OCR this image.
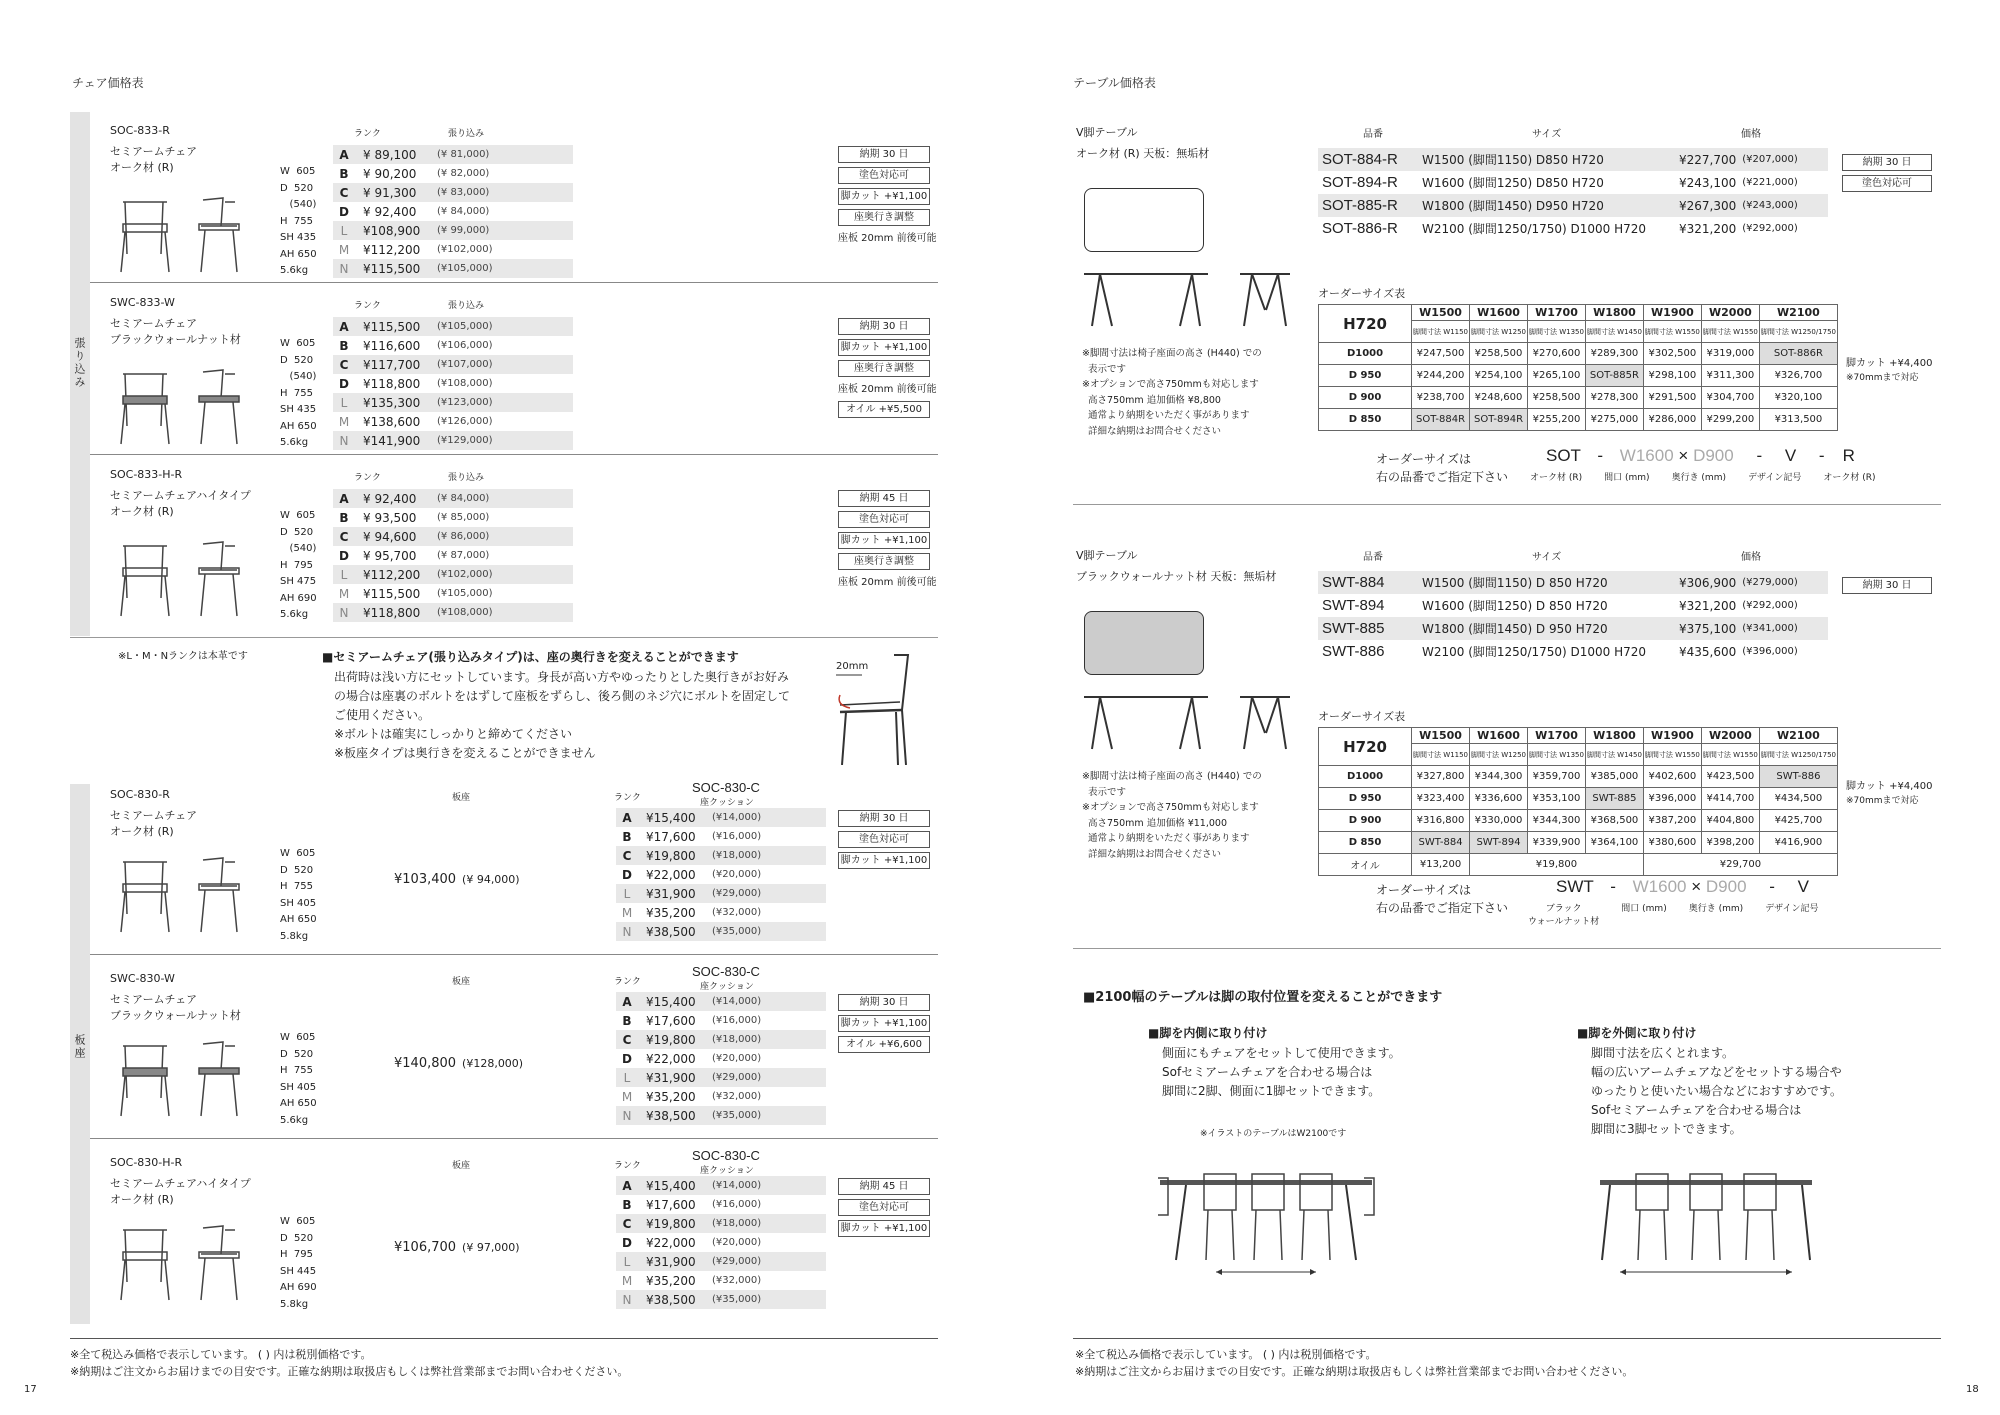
チェア価格表
張り込み
板座
SOC-833-R
セミアームチェア
オーク材 (R)	W  605
D  520
(540)
H  755
SH 435
AH 650
5.6kg
ランク	張り込み
A	¥ 89,100	(¥ 81,000)
B	¥ 90,200	(¥ 82,000)
C	¥ 91,300	(¥ 83,000)
D	¥ 92,400	(¥ 84,000)
L	¥108,900	(¥ 99,000)
M	¥112,200	(¥102,000)
N	¥115,500	(¥105,000)
納期 30 日
塗色対応可
脚カット +¥1,100
座奥行き調整
座板 20mm 前後可能
SWC-833-W
セミアームチェア
ブラックウォールナット材	W  605
D  520
(540)
H  755
SH 435
AH 650
5.6kg
ランク	張り込み
A	¥115,500	(¥105,000)
B	¥116,600	(¥106,000)
C	¥117,700	(¥107,000)
D	¥118,800	(¥108,000)
L	¥135,300	(¥123,000)
M	¥138,600	(¥126,000)
N	¥141,900	(¥129,000)
納期 30 日
脚カット +¥1,100
座奥行き調整
座板 20mm 前後可能
オイル +¥5,500
SOC-833-H-R
セミアームチェアハイタイプ
オーク材 (R)	W  605
D  520
(540)
H  795
SH 475
AH 690
5.6kg
ランク	張り込み
A	¥ 92,400	(¥ 84,000)
B	¥ 93,500	(¥ 85,000)
C	¥ 94,600	(¥ 86,000)
D	¥ 95,700	(¥ 87,000)
L	¥112,200	(¥102,000)
M	¥115,500	(¥105,000)
N	¥118,800	(¥108,000)
納期 45 日
塗色対応可
脚カット +¥1,100
座奥行き調整
座板 20mm 前後可能
※L・M・Nランクは本革です	■セミアームチェア(張り込みタイプ)は、座の奥行きを変えることができます
出荷時は浅い方にセットしています。身長が高い方やゆったりとした奥行きがお好み
の場合は座裏のボルトをはずして座板をずらし、後ろ側のネジ穴にボルトを固定して
ご使用ください。
※ボルトは確実にしっかりと締めてください
※板座タイプは奥行きを変えることができません
20mm
SOC-830-R
セミアームチェア
オーク材 (R)
W  605
D  520
H  755
SH 405
AH 650
5.8kg
板座
¥103,400 (¥ 94,000)
SOC-830-C
座クッション
ランク
A	¥15,400	(¥14,000)
B	¥17,600	(¥16,000)
C	¥19,800	(¥18,000)
D	¥22,000	(¥20,000)
L	¥31,900	(¥29,000)
M	¥35,200	(¥32,000)
N	¥38,500	(¥35,000)
納期 30 日
塗色対応可
脚カット +¥1,100
SWC-830-W
セミアームチェア
ブラックウォールナット材
W  605
D  520
H  755
SH 405
AH 650
5.6kg
板座
¥140,800 (¥128,000)
SOC-830-C
座クッション
ランク
A	¥15,400	(¥14,000)
B	¥17,600	(¥16,000)
C	¥19,800	(¥18,000)
D	¥22,000	(¥20,000)
L	¥31,900	(¥29,000)
M	¥35,200	(¥32,000)
N	¥38,500	(¥35,000)
納期 30 日
脚カット +¥1,100
オイル +¥6,600
SOC-830-H-R
セミアームチェアハイタイプ
オーク材 (R)
W  605
D  520
H  795
SH 445
AH 690
5.8kg
板座
¥106,700 (¥ 97,000)
SOC-830-C
座クッション
ランク
A	¥15,400	(¥14,000)
B	¥17,600	(¥16,000)
C	¥19,800	(¥18,000)
D	¥22,000	(¥20,000)
L	¥31,900	(¥29,000)
M	¥35,200	(¥32,000)
N	¥38,500	(¥35,000)
納期 45 日
塗色対応可
脚カット +¥1,100
※全て税込み価格で表示しています。 ( ) 内は税別価格です。
※納期はご注文からお届けまでの目安です。正確な納期は取扱店もしくは弊社営業部までお問い合わせください。
17
テーブル価格表
V脚テーブル
オーク材 (R) 天板：無垢材
品番	サイズ	価格
SOT-884-R	W1500 (脚間1150) D850 H720	¥227,700 (¥207,000)
SOT-894-R	W1600 (脚間1250) D850 H720	¥243,100 (¥221,000)
SOT-885-R	W1800 (脚間1450) D950 H720	¥267,300 (¥243,000)
SOT-886-R	W2100 (脚間1250/1750) D1000 H720	¥321,200 (¥292,000)
納期 30 日
塗色対応可
オーダーサイズ表
※脚間寸法は椅子座面の高さ (H440) での
表示です
※オプションで高さ750mmも対応します
高さ750mm 追加価格 ¥8,800
通常より納期をいただく事があります
詳細な納期はお問合せください
H720	W1500	W1600	W1700	W1800	W1900	W2000	W2100
	脚間寸法 W1150	脚間寸法 W1250	脚間寸法 W1350	脚間寸法 W1450	脚間寸法 W1550	脚間寸法 W1550	脚間寸法 W1250/1750
D1000	¥247,500	¥258,500	¥270,600	¥289,300	¥302,500	¥319,000	SOT-886R
D 950	¥244,200	¥254,100	¥265,100	SOT-885R	¥298,100	¥311,300	¥326,700
D 900	¥238,700	¥248,600	¥258,500	¥278,300	¥291,500	¥304,700	¥320,100
D 850	SOT-884R	SOT-894R	¥255,200	¥275,000	¥286,000	¥299,200	¥313,500
脚カット +¥4,400
※70mmまで対応
オーダーサイズは
右の品番でご指定下さい
SOT - W1600 × D900 - V - R
オーク材 (R) 間口 (mm) 奥行き (mm) デザイン記号 オーク材 (R)
V脚テーブル
ブラックウォールナット材 天板：無垢材
品番	サイズ	価格
SWT-884	W1500 (脚間1150) D 850 H720	¥306,900 (¥279,000)
SWT-894	W1600 (脚間1250) D 850 H720	¥321,200 (¥292,000)
SWT-885	W1800 (脚間1450) D 950 H720	¥375,100 (¥341,000)
SWT-886	W2100 (脚間1250/1750) D1000 H720	¥435,600 (¥396,000)
納期 30 日
オーダーサイズ表
※脚間寸法は椅子座面の高さ (H440) での
表示です
※オプションで高さ750mmも対応します
高さ750mm 追加価格 ¥11,000
通常より納期をいただく事があります
詳細な納期はお問合せください
H720	W1500	W1600	W1700	W1800	W1900	W2000	W2100
	脚間寸法 W1150	脚間寸法 W1250	脚間寸法 W1350	脚間寸法 W1450	脚間寸法 W1550	脚間寸法 W1550	脚間寸法 W1250/1750
D1000	¥327,800	¥344,300	¥359,700	¥385,000	¥402,600	¥423,500	SWT-886
D 950	¥323,400	¥336,600	¥353,100	SWT-885	¥396,000	¥414,700	¥434,500
D 900	¥316,800	¥330,000	¥344,300	¥368,500	¥387,200	¥404,800	¥425,700
D 850	SWT-884	SWT-894	¥339,900	¥364,100	¥380,600	¥398,200	¥416,900
オイル	¥13,200	¥19,800			¥29,700		
脚カット +¥4,400
※70mmまで対応
オーダーサイズは
右の品番でご指定下さい
SWT - W1600 × D900 - V
ブラック
ウォールナット材
間口 (mm) 奥行き (mm) デザイン記号
■2100幅のテーブルは脚の取付位置を変えることができます
■脚を内側に取り付け
側面にもチェアをセットして使用できます。
Sofセミアームチェアを合わせる場合は
脚間に2脚、側面に1脚セットできます。
■脚を外側に取り付け
脚間寸法を広くとれます。
幅の広いアームチェアなどをセットする場合や
ゆったりと使いたい場合などにおすすめです。
Sofセミアームチェアを合わせる場合は
脚間に3脚セットできます。
※イラストのテーブルはW2100です
※全て税込み価格で表示しています。 ( ) 内は税別価格です。
※納期はご注文からお届けまでの目安です。正確な納期は取扱店もしくは弊社営業部までお問い合わせください。
18
